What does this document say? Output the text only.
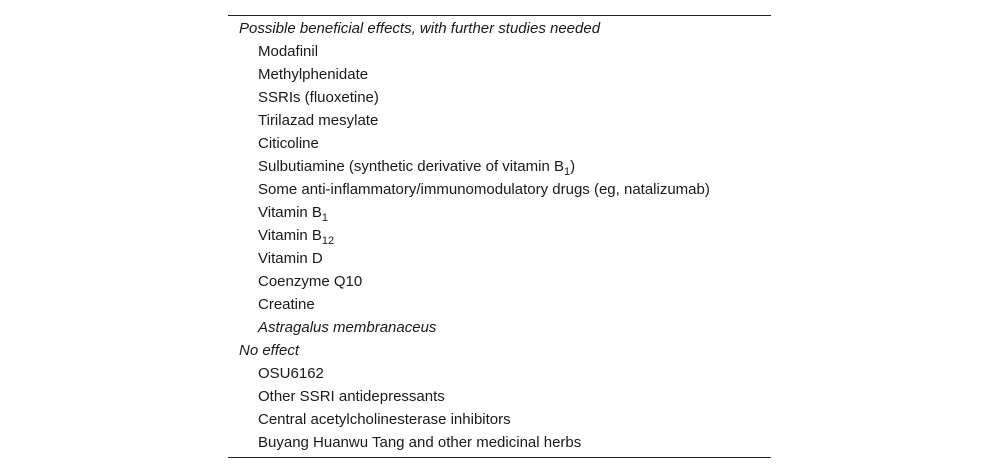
Possible beneficial effects, with further studies needed
Modafinil
Methylphenidate
SSRIs (fluoxetine)
Tirilazad mesylate
Citicoline
Sulbutiamine (synthetic derivative of vitamin $B_1$)
Some anti-inflammatory/immunomodulatory drugs (eg, natalizumab)
Vitamin $B_1$
Vitamin $B_{12}$
Vitamin D
Coenzyme Q10
Creatine
Astragalus membranaceus
No effect
OSU6162
Other SSRI antidepressants
Central acetylcholinesterase inhibitors
Buyang Huanwu Tang and other medicinal herbs
